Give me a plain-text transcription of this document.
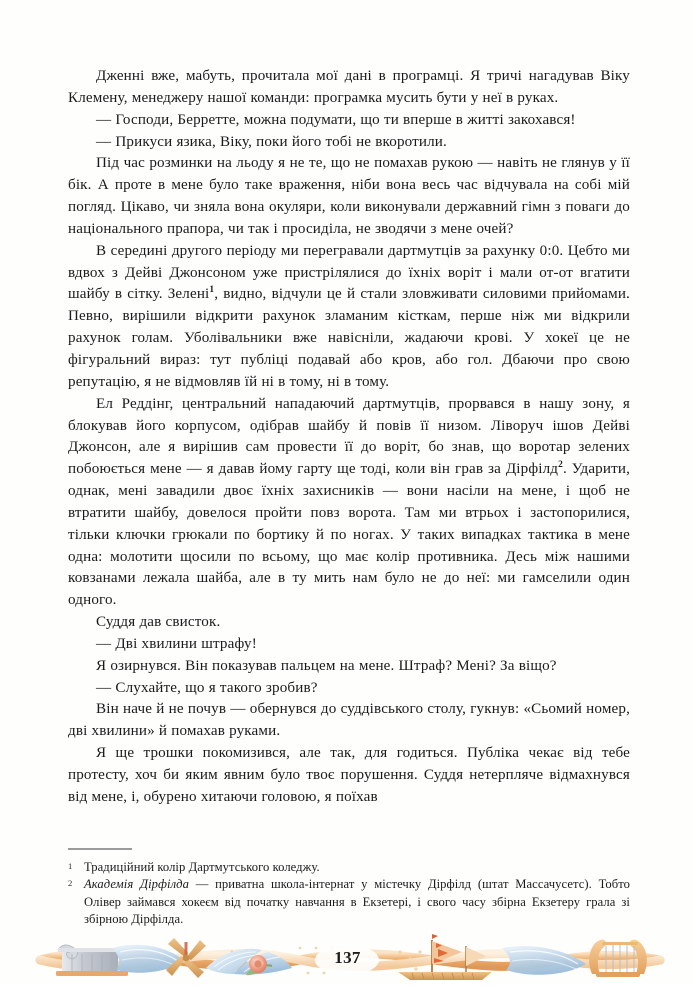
Дженні вже, мабуть, прочитала мої дані в програмці. Я тричі нагадував Віку Клемену, менеджеру нашої команди: програмка мусить бути у неї в руках.

— Господи, Берретте, можна подумати, що ти вперше в житті закохався!

— Прикуси язика, Віку, поки його тобі не вкоротили.

Під час розминки на льоду я не те, що не помахав рукою — навіть не глянув у її бік. А проте в мене було таке враження, ніби вона весь час відчувала на собі мій погляд. Цікаво, чи зняла вона окуляри, коли виконували державний гімн з поваги до національного прапора, чи так і просиділа, не зводячи з мене очей?

В середині другого періоду ми перегравали дартмутців за рахунку 0:0. Цебто ми вдвох з Дейві Джонсоном уже пристрілялися до їхніх воріт і мали от-от вгатити шайбу в сітку. Зелені$^1$, видно, відчули це й стали зловживати силовими прийомами. Певно, вирішили відкрити рахунок зламаним кісткам, перше ніж ми відкрили рахунок голам. Уболівальники вже навісніли, жадаючи крові. У хокеї це не фігуральний вираз: тут публіці подавай або кров, або гол. Дбаючи про свою репутацію, я не відмовляв їй ні в тому, ні в тому.

Ел Реддінг, центральний нападаючий дартмутців, прорвався в нашу зону, я блокував його корпусом, одібрав шайбу й повів її низом. Ліворуч ішов Дейві Джонсон, але я вирішив сам провести її до воріт, бо знав, що воротар зелених побоюється мене — я давав йому гарту ще тоді, коли він грав за Дірфілд$^2$. Ударити, однак, мені завадили двоє їхніх захисників — вони насіли на мене, і щоб не втратити шайбу, довелося пройти повз ворота. Там ми втрьох і застопорилися, тільки ключки грюкали по бортику й по ногах. У таких випадках тактика в мене одна: молотити щосили по всьому, що має колір противника. Десь між нашими ковзанами лежала шайба, але в ту мить нам було не до неї: ми гамселили один одного.

Суддя дав свисток.

— Дві хвилини штрафу!

Я озирнувся. Він показував пальцем на мене. Штраф? Мені? За віщо?

— Слухайте, що я такого зробив?

Він наче й не почув — обернувся до суддівського столу, гукнув: «Сьомий номер, дві хвилини» й помахав руками.

Я ще трошки покомизився, але так, для годиться. Публіка чекає від тебе протесту, хоч би яким явним було твоє порушення. Суддя нетерпляче відмахнувся від мене, і, обурено хитаючи головою, я поїхав

1 Традиційний колір Дартмутського коледжу.

2 Академія Дірфілда — приватна школа-інтернат у містечку Дірфілд (штат Массачусетс). Тобто Олівер займався хокеєм від початку навчання в Екзетері, і свого часу збірна Екзетеру грала зі збірною Дірфілда.

137
